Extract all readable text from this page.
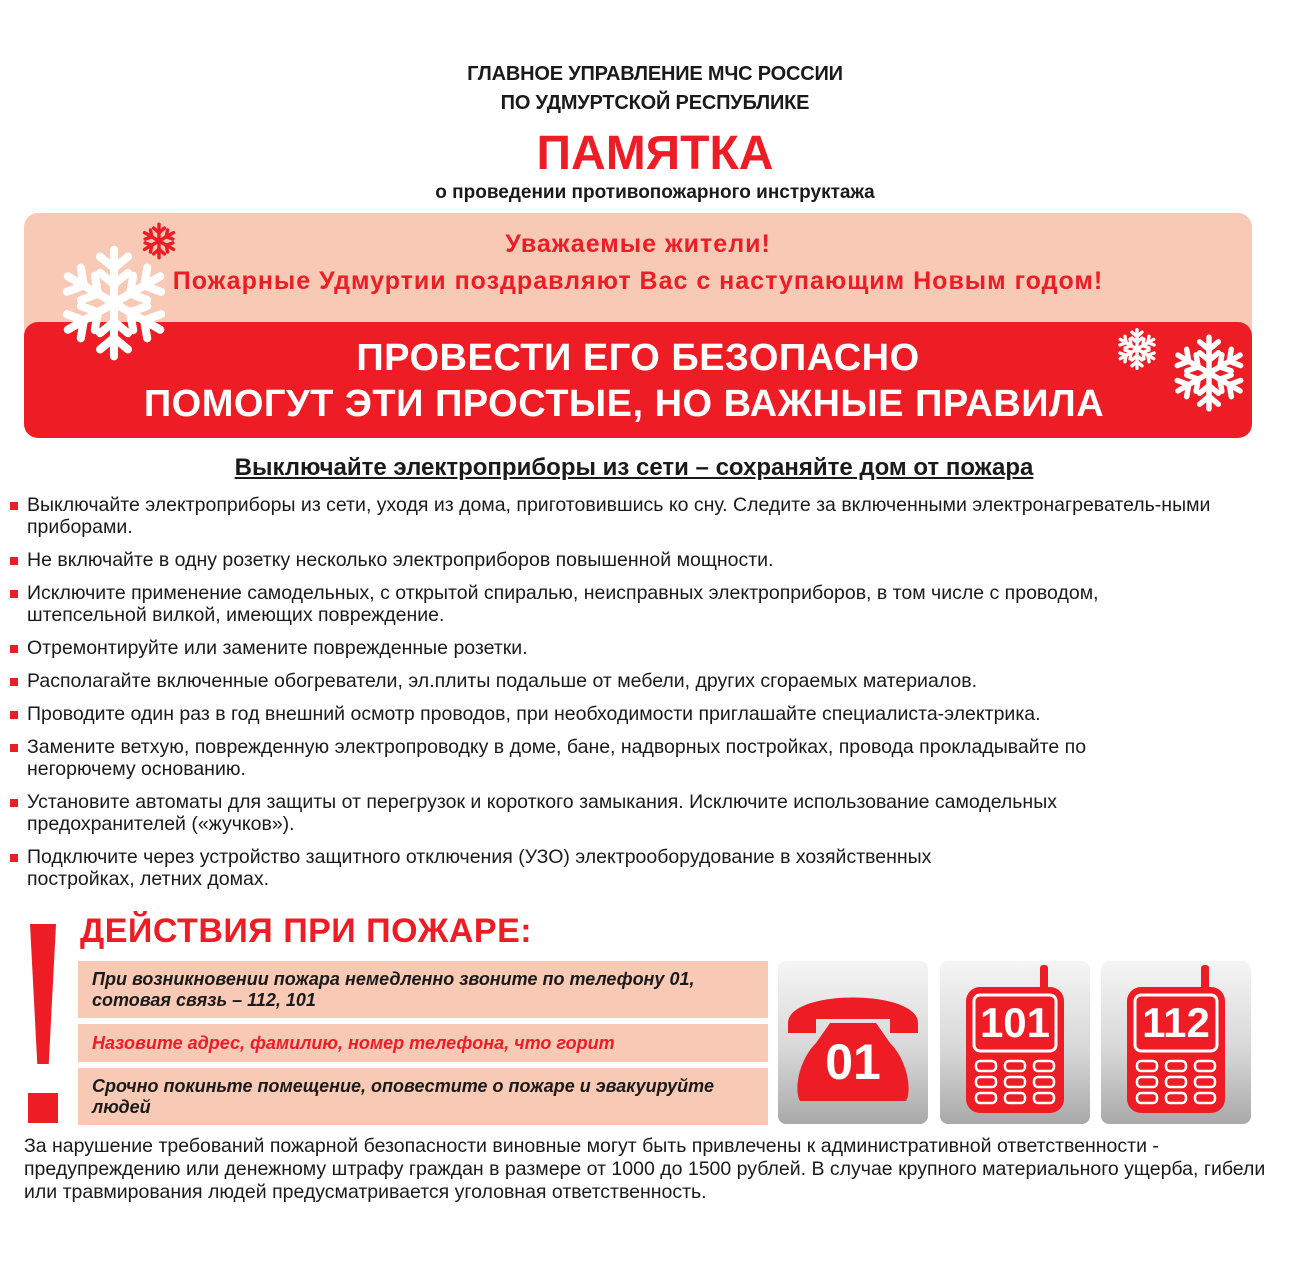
ГЛАВНОЕ УПРАВЛЕНИЕ МЧС РОССИИ
ПО УДМУРТСКОЙ РЕСПУБЛИКЕ
ПАМЯТКА
о проведении противопожарного инструктажа
Уважаемые жители!
Пожарные Удмуртии поздравляют Вас с наступающим Новым годом!
ПРОВЕСТИ ЕГО БЕЗОПАСНО
ПОМОГУТ ЭТИ ПРОСТЫЕ, НО ВАЖНЫЕ ПРАВИЛА
Выключайте электроприборы из сети – сохраняйте дом от пожара
Выключайте электроприборы из сети, уходя из дома, приготовившись ко сну. Следите за включенными электронагреватель-ными приборами.
Не включайте в одну розетку несколько электроприборов повышенной мощности.
Исключите применение самодельных, с открытой спиралью, неисправных электроприборов, в том числе с проводом, штепсельной вилкой, имеющих повреждение.
Отремонтируйте или замените поврежденные розетки.
Располагайте включенные обогреватели, эл.плиты подальше от мебели, других сгораемых материалов.
Проводите один раз в год внешний осмотр проводов, при необходимости приглашайте специалиста-электрика.
Замените ветхую, поврежденную электропроводку в доме, бане, надворных постройках, провода прокладывайте по негорючему основанию.
Установите автоматы для защиты от перегрузок и короткого замыкания. Исключите использование самодельных предохранителей («жучков»).
Подключите через устройство защитного отключения (УЗО) электрооборудование в хозяйственных постройках, летних домах.
ДЕЙСТВИЯ ПРИ ПОЖАРЕ:
При возникновении пожара немедленно звоните по телефону 01, сотовая связь – 112, 101
Назовите адрес, фамилию, номер телефона, что горит
Срочно покиньте помещение, оповестите о пожаре и эвакуируйте людей
01
101	112
За нарушение требований пожарной безопасности виновные могут быть привлечены к административной ответственности - предупреждению или денежному штрафу граждан в размере от 1000 до 1500 рублей. В случае крупного материального ущерба, гибели или травмирования людей предусматривается уголовная ответственность.
